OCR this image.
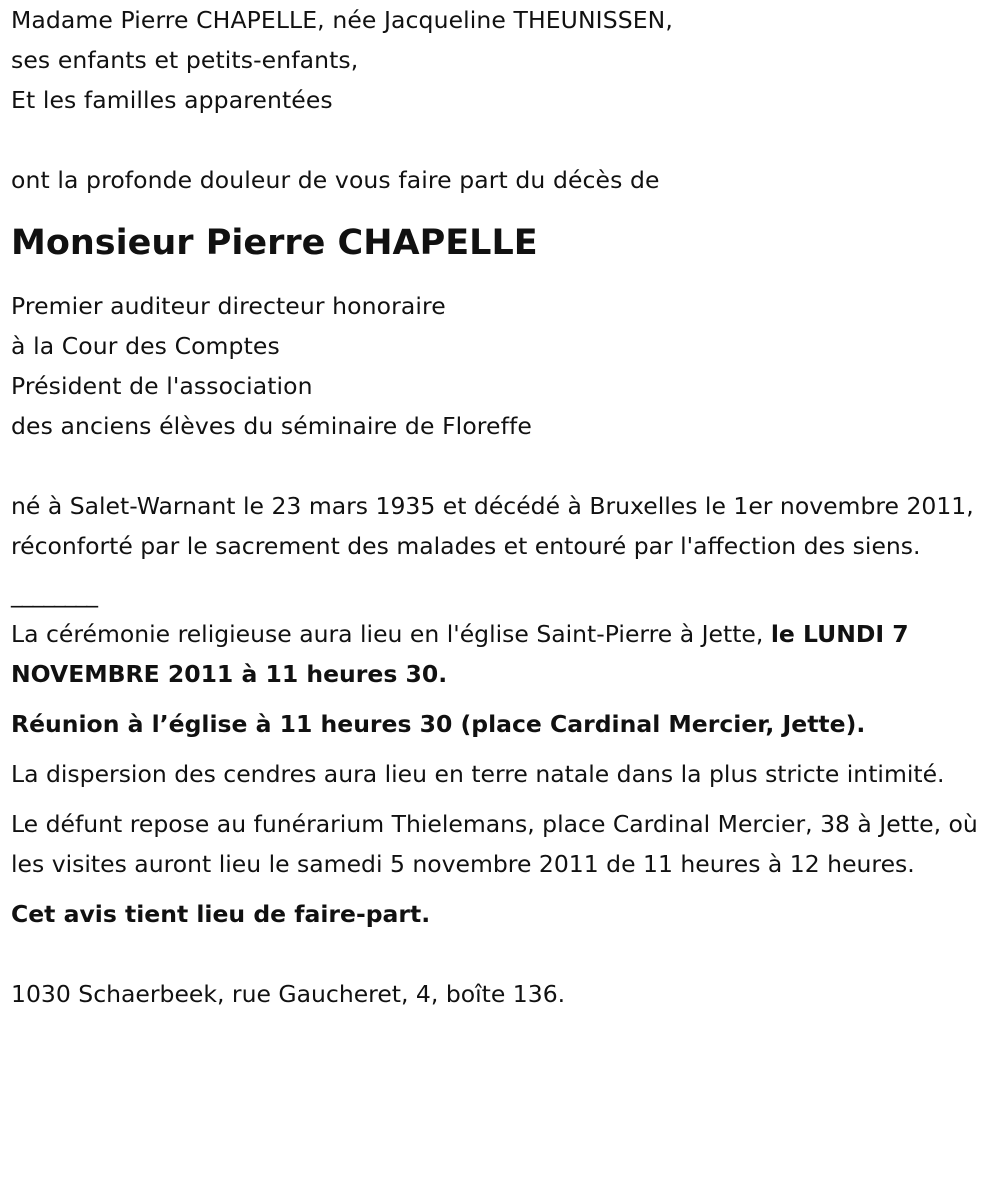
Madame Pierre CHAPELLE, née Jacqueline THEUNISSEN,
ses enfants et petits-enfants,
Et les familles apparentées
ont la profonde douleur de vous faire part du décès de
Monsieur Pierre CHAPELLE
Premier auditeur directeur honoraire
à la Cour des Comptes
Président de l'association
des anciens élèves du séminaire de Floreffe
né à Salet-Warnant le 23 mars 1935 et décédé à Bruxelles le 1er novembre 2011, réconforté par le sacrement des malades et entouré par l'affection des siens.
________
La cérémonie religieuse aura lieu en l'église Saint-Pierre à Jette, le LUNDI 7 NOVEMBRE 2011 à 11 heures 30.
Réunion à l’église à 11 heures 30 (place Cardinal Mercier, Jette).
La dispersion des cendres aura lieu en terre natale dans la plus stricte intimité.
Le défunt repose au funérarium Thielemans, place Cardinal Mercier, 38 à Jette, où les visites auront lieu le samedi 5 novembre 2011 de 11 heures à 12 heures.
Cet avis tient lieu de faire-part.
1030 Schaerbeek, rue Gaucheret, 4, boîte 136.
